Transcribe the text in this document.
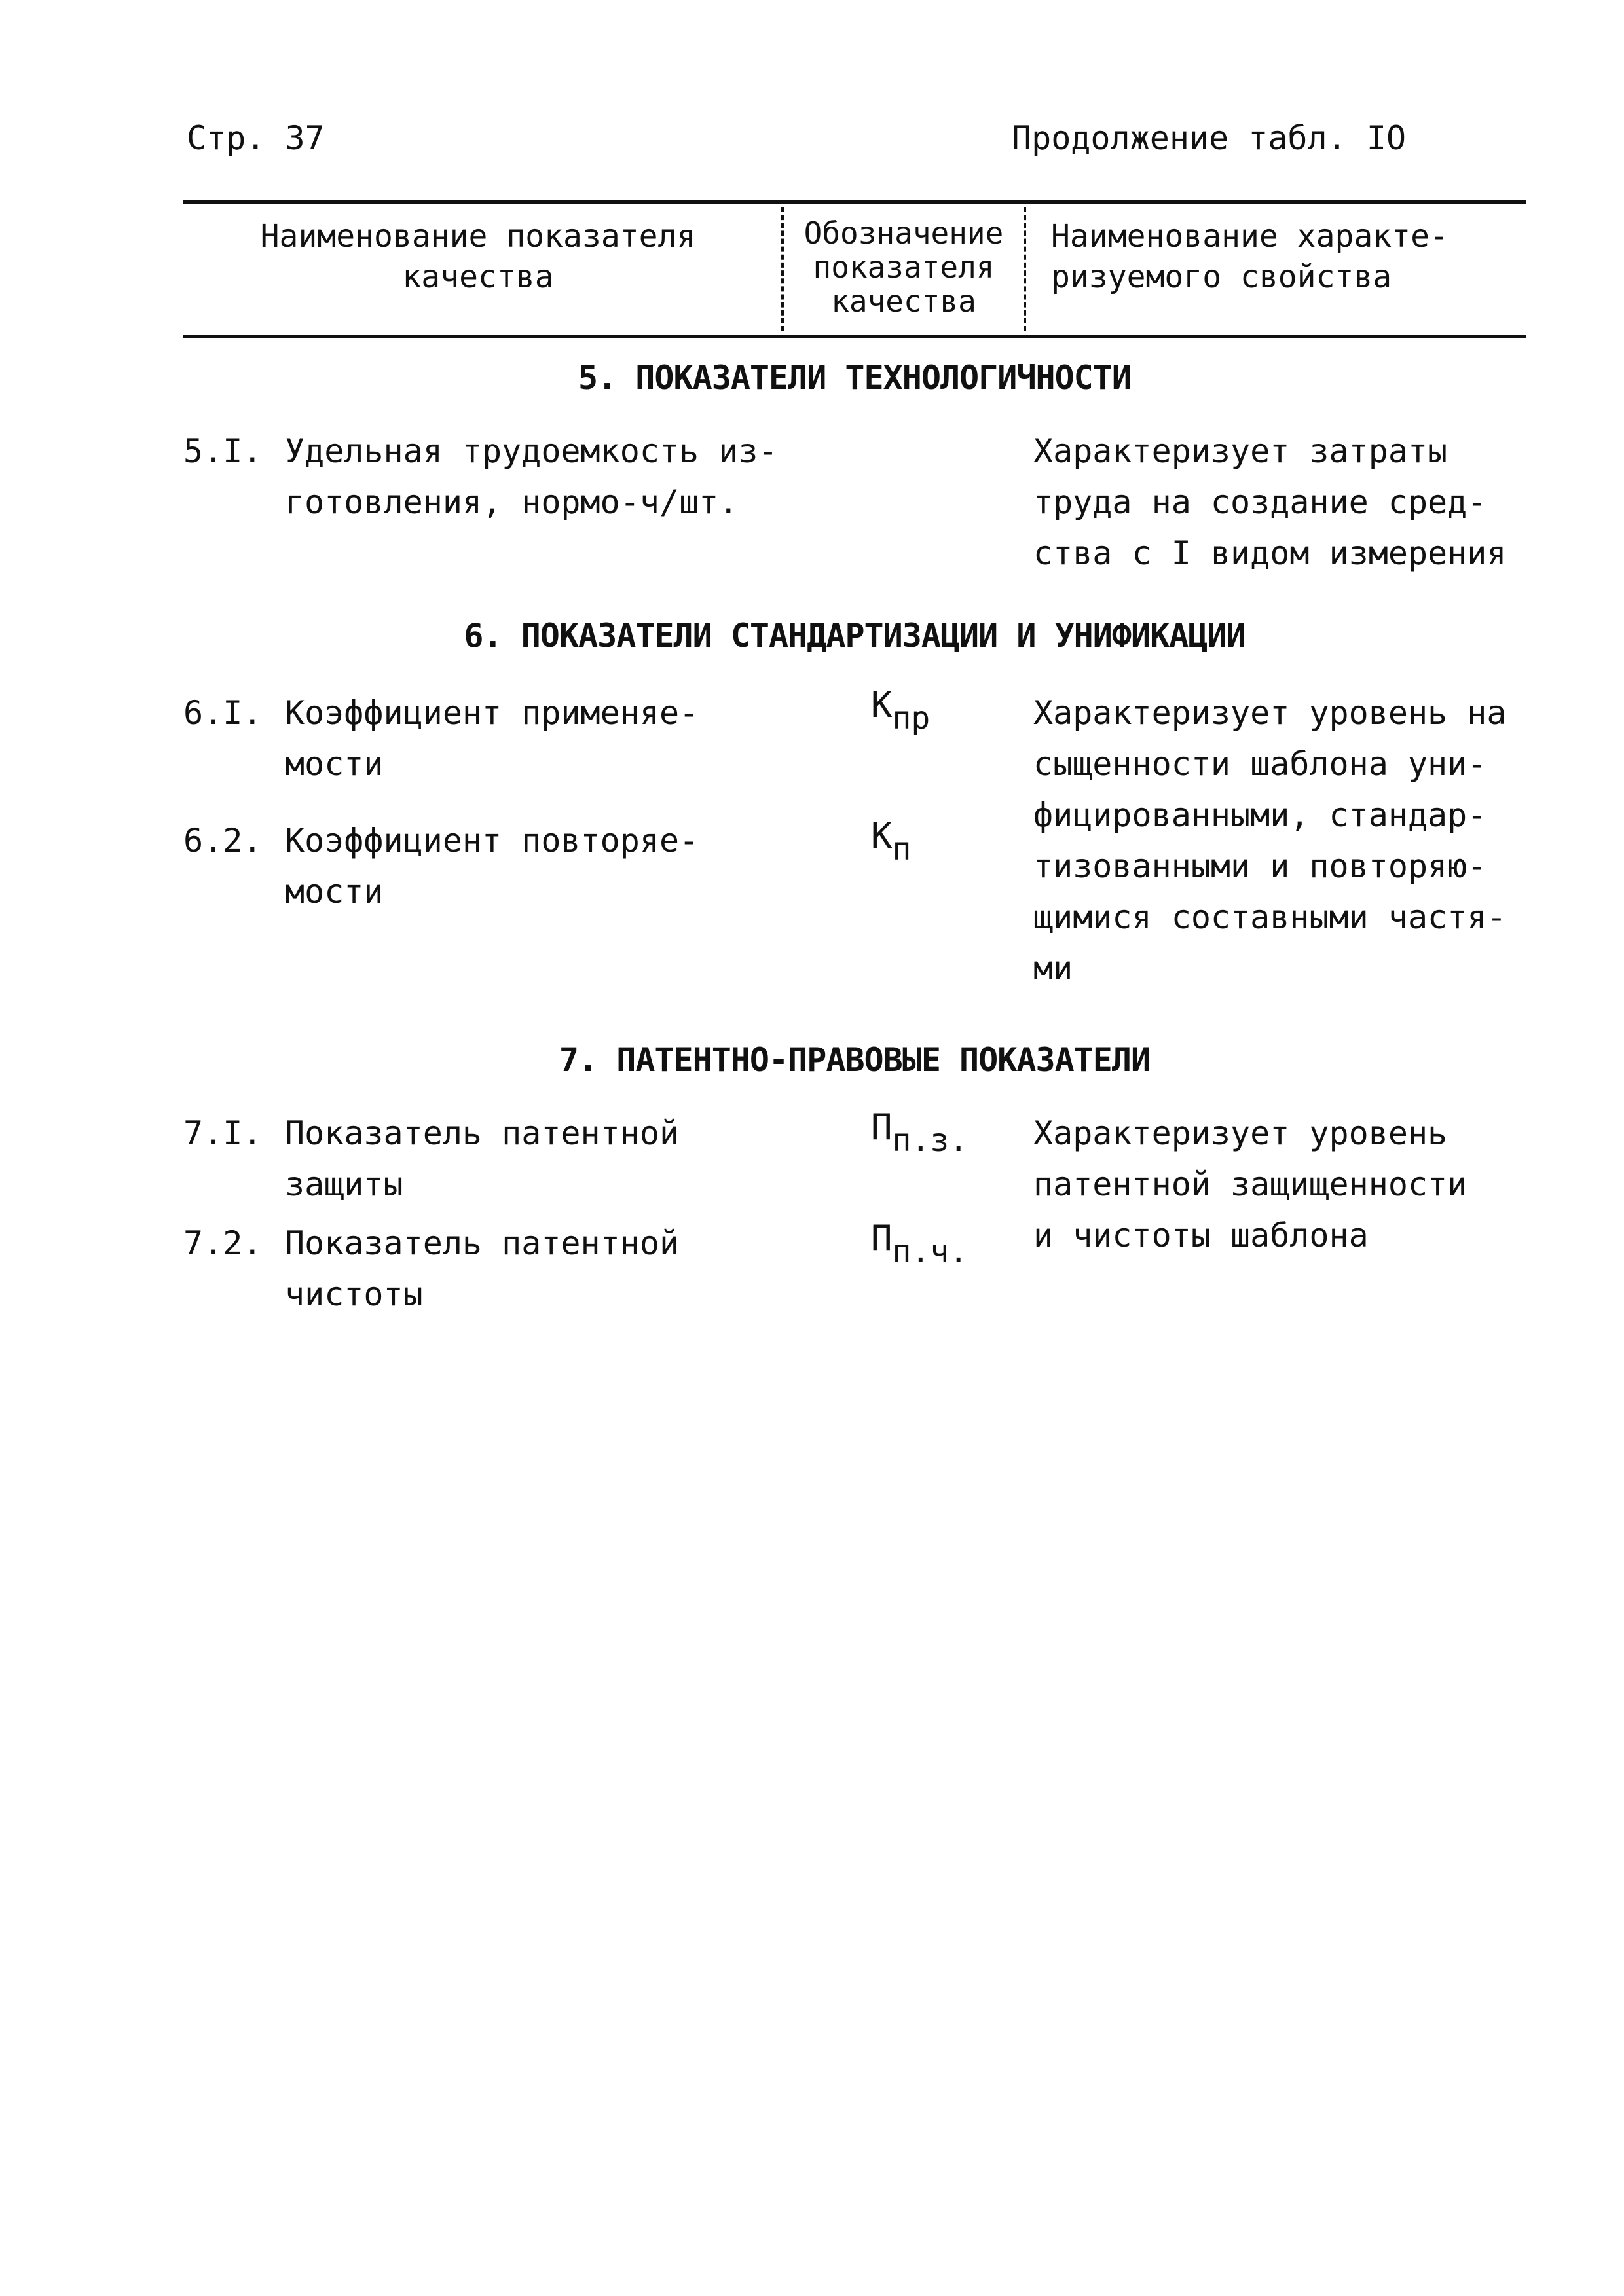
Стр. 37	Продолжение табл. IO
Наименование показателя
качества
Обозначение
показателя
качества
Наименование характе-
ризуемого свойства
5. ПОКАЗАТЕЛИ ТЕХНОЛОГИЧНОСТИ
5.I. Удельная трудоемкость из-
готовления, нормо-ч/шт.
Характеризует затраты
труда на создание сред-
ства с I видом измерения
6. ПОКАЗАТЕЛИ СТАНДАРТИЗАЦИИ И УНИФИКАЦИИ
6.I. Коэффициент применяе-
мости
$К_{пр}$
6.2. Коэффициент повторяе-
мости
$К_п$
Характеризует уровень на
сыщенности шаблона уни-
фицированными, стандар-
тизованными и повторяю-
щимися составными частя-
ми
7. ПАТЕНТНО-ПРАВОВЫЕ ПОКАЗАТЕЛИ
7.I. Показатель патентной
защиты
$П_{п.з.}$
7.2. Показатель патентной
чистоты
$П_{п.ч.}$
Характеризует уровень
патентной защищенности
и чистоты шаблона
